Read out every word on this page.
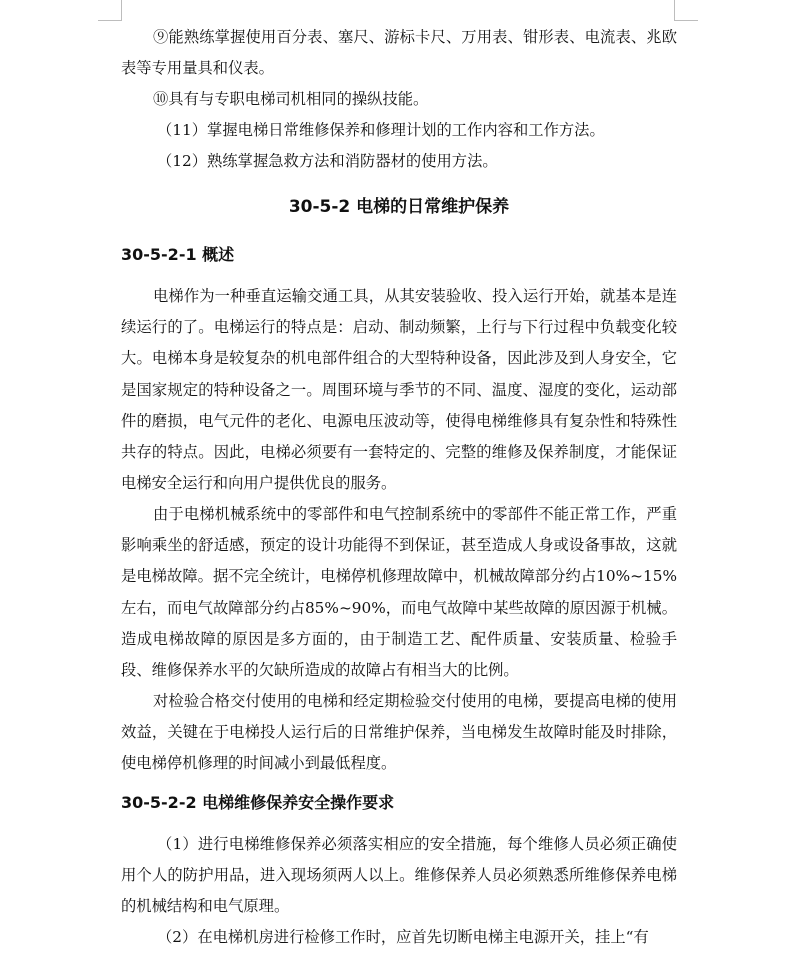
⑨能熟练掌握使用百分表、塞尺、游标卡尺、万用表、钳形表、电流表、兆欧表等专用量具和仪表。

⑩具有与专职电梯司机相同的操纵技能。

（11）掌握电梯日常维修保养和修理计划的工作内容和工作方法。

（12）熟练掌握急救方法和消防器材的使用方法。

30-5-2 电梯的日常维护保养
30-5-2-1 概述

电梯作为一种垂直运输交通工具，从其安装验收、投入运行开始，就基本是连续运行的了。电梯运行的特点是：启动、制动频繁，上行与下行过程中负载变化较大。电梯本身是较复杂的机电部件组合的大型特种设备，因此涉及到人身安全，它是国家规定的特种设备之一。周围环境与季节的不同、温度、湿度的变化，运动部件的磨损，电气元件的老化、电源电压波动等，使得电梯维修具有复杂性和特殊性共存的特点。因此，电梯必须要有一套特定的、完整的维修及保养制度，才能保证电梯安全运行和向用户提供优良的服务。

由于电梯机械系统中的零部件和电气控制系统中的零部件不能正常工作，严重影响乘坐的舒适感，预定的设计功能得不到保证，甚至造成人身或设备事故，这就是电梯故障。据不完全统计，电梯停机修理故障中，机械故障部分约占10%~15%左右，而电气故障部分约占85%~90%，而电气故障中某些故障的原因源于机械。造成电梯故障的原因是多方面的，由于制造工艺、配件质量、安装质量、检验手段、维修保养水平的欠缺所造成的故障占有相当大的比例。

对检验合格交付使用的电梯和经定期检验交付使用的电梯，要提高电梯的使用效益，关键在于电梯投人运行后的日常维护保养，当电梯发生故障时能及时排除，使电梯停机修理的时间减小到最低程度。

30-5-2-2 电梯维修保养安全操作要求

（1）进行电梯维修保养必须落实相应的安全措施，每个维修人员必须正确使用个人的防护用品，进入现场须两人以上。维修保养人员必须熟悉所维修保养电梯的机械结构和电气原理。

（2）在电梯机房进行检修工作时，应首先切断电梯主电源开关，挂上“有
